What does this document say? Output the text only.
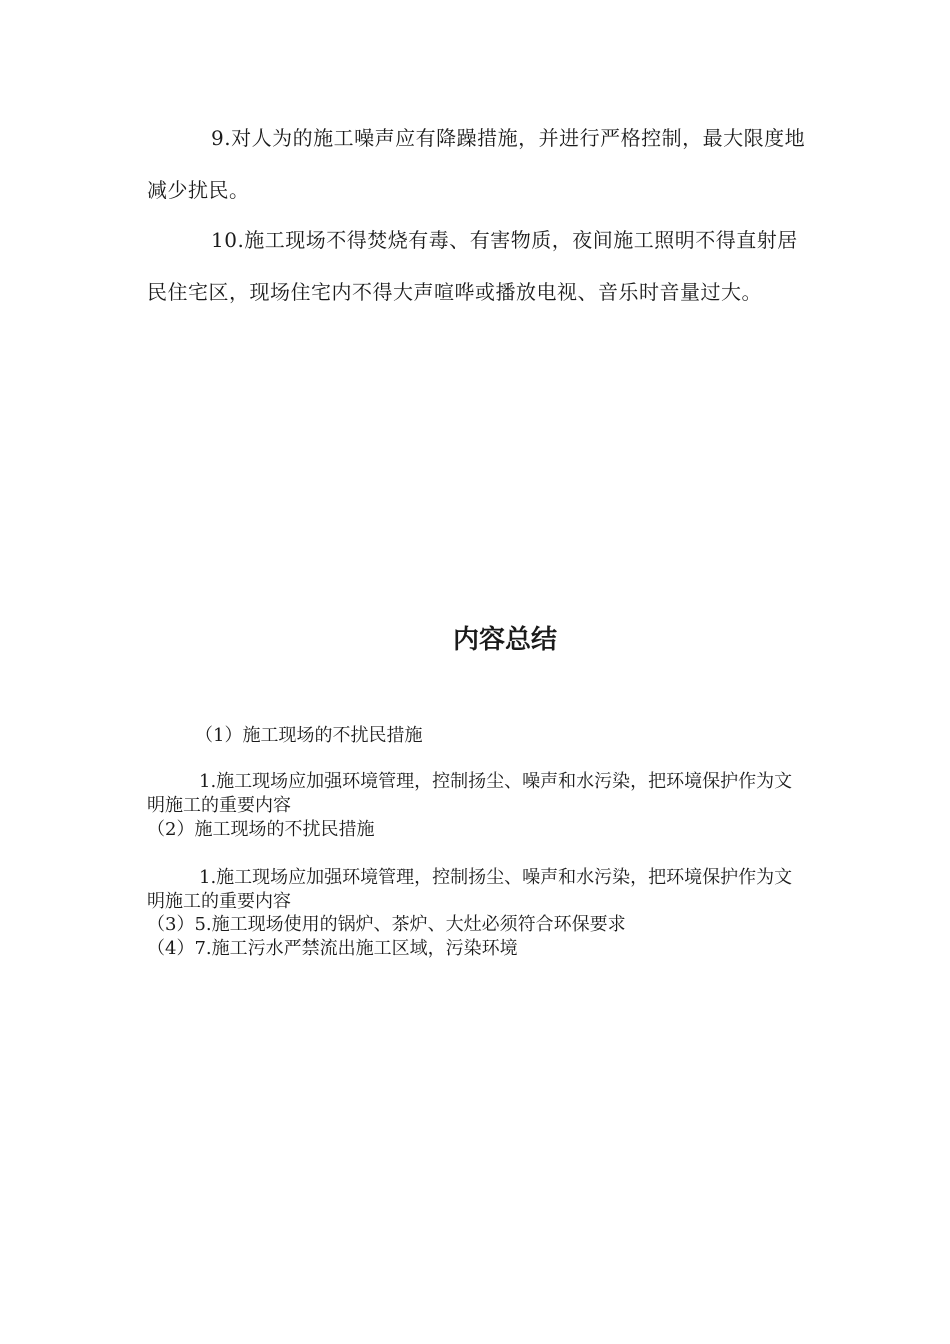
9.对人为的施工噪声应有降躁措施，并进行严格控制，最大限度地减少扰民。

10.施工现场不得焚烧有毒、有害物质，夜间施工照明不得直射居民住宅区，现场住宅内不得大声喧哗或播放电视、音乐时音量过大。

内容总结

（1）施工现场的不扰民措施

1.施工现场应加强环境管理，控制扬尘、噪声和水污染，把环境保护作为文明施工的重要内容

（2）施工现场的不扰民措施

1.施工现场应加强环境管理，控制扬尘、噪声和水污染，把环境保护作为文明施工的重要内容

（3）5.施工现场使用的锅炉、茶炉、大灶必须符合环保要求

（4）7.施工污水严禁流出施工区域，污染环境
